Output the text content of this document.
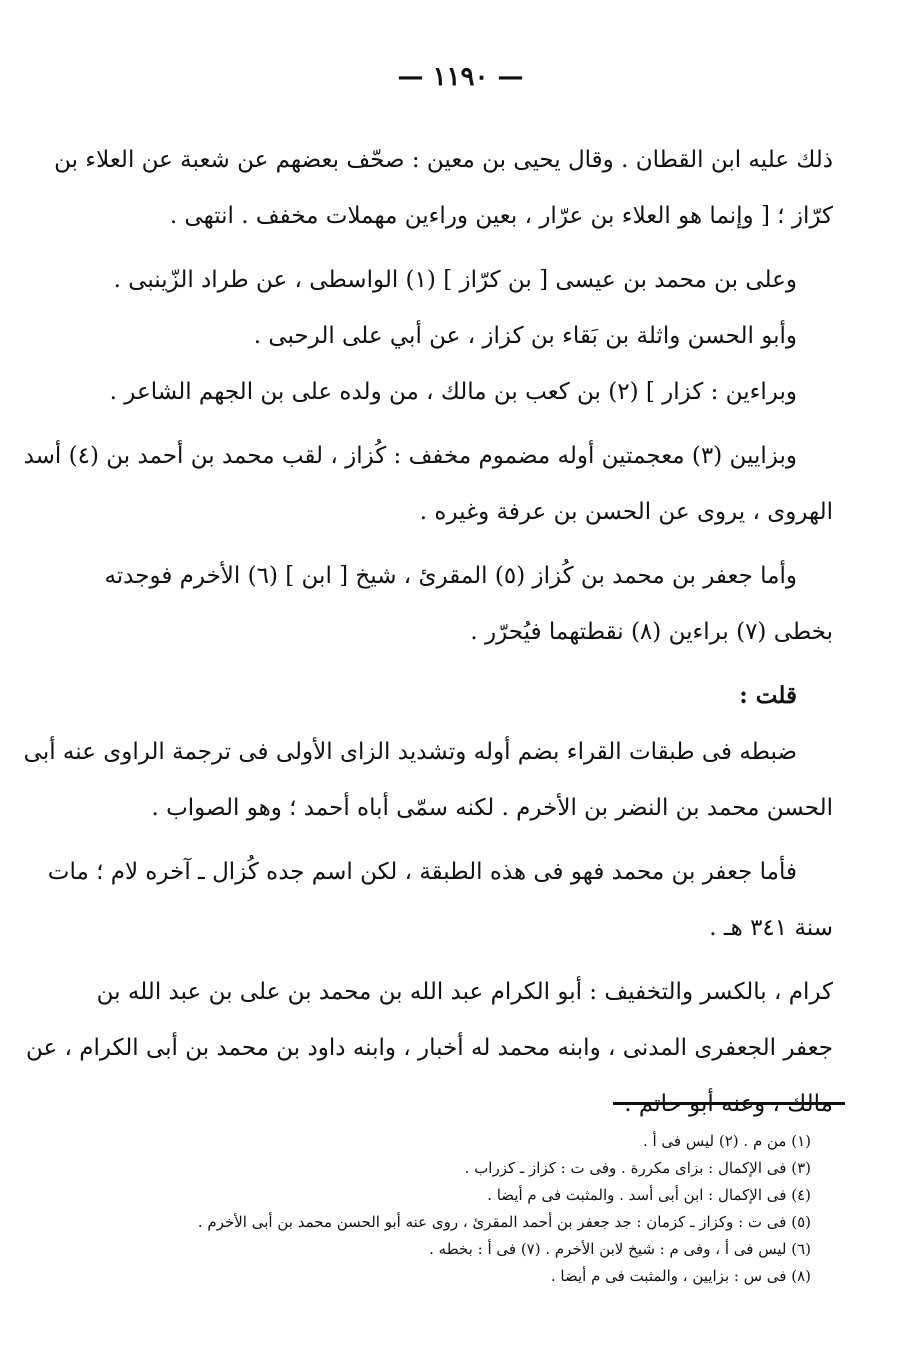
— ١١٩٠ —
ذلك عليه ابن القطان . وقال يحيى بن معين : صحّف بعضهم عن شعبة عن العلاء بن
كرّاز ؛ [ وإنما هو العلاء بن عرّار ، بعين وراءين مهملات مخفف . انتهى .
وعلى بن محمد بن عيسى [ بن كرّاز ] (١) الواسطى ، عن طراد الزّينبى .
وأبو الحسن واثلة بن بَقاء بن كزاز ، عن أبي على الرحبى .
وبراءين : كزار ] (٢) بن كعب بن مالك ، من ولده على بن الجهم الشاعر .
وبزايين (٣) معجمتين أوله مضموم مخفف : كُزاز ، لقب محمد بن أحمد بن (٤) أسد
الهروى ، يروى عن الحسن بن عرفة وغيره .
وأما جعفر بن محمد بن كُزاز (٥) المقرئ ، شيخ [ ابن ] (٦) الأخرم فوجدته
بخطى (٧) براءين (٨) نقطتهما فيُحرّر .
قلت :
ضبطه فى طبقات القراء بضم أوله وتشديد الزاى الأولى فى ترجمة الراوى عنه أبى
الحسن محمد بن النضر بن الأخرم . لكنه سمّى أباه أحمد ؛ وهو الصواب .
فأما جعفر بن محمد فهو فى هذه الطبقة ، لكن اسم جده كُزال ـ آخره لام ؛ مات
سنة ٣٤١ هـ .
كرام ، بالكسر والتخفيف : أبو الكرام عبد الله بن محمد بن على بن عبد الله بن
جعفر الجعفرى المدنى ، وابنه محمد له أخبار ، وابنه داود بن محمد بن أبى الكرام ، عن
مالك ، وعنه أبو حاتم .
(١) من م . (٢) ليس فى أ .
(٣) فى الإكمال : بزاى مكررة . وفى ت : كزاز ـ كزراب .
(٤) فى الإكمال : ابن أبى أسد . والمثبت فى م أيضا .
(٥) فى ت : وكزاز ـ كزمان : جد جعفر بن أحمد المقرئ ، روى عنه أبو الحسن محمد بن أبى الأخرم .
(٦) ليس فى أ ، وفى م : شيخ لابن الأخرم . (٧) فى أ : بخطه .
(٨) فى س : بزايين ، والمثبت فى م أيضا .
